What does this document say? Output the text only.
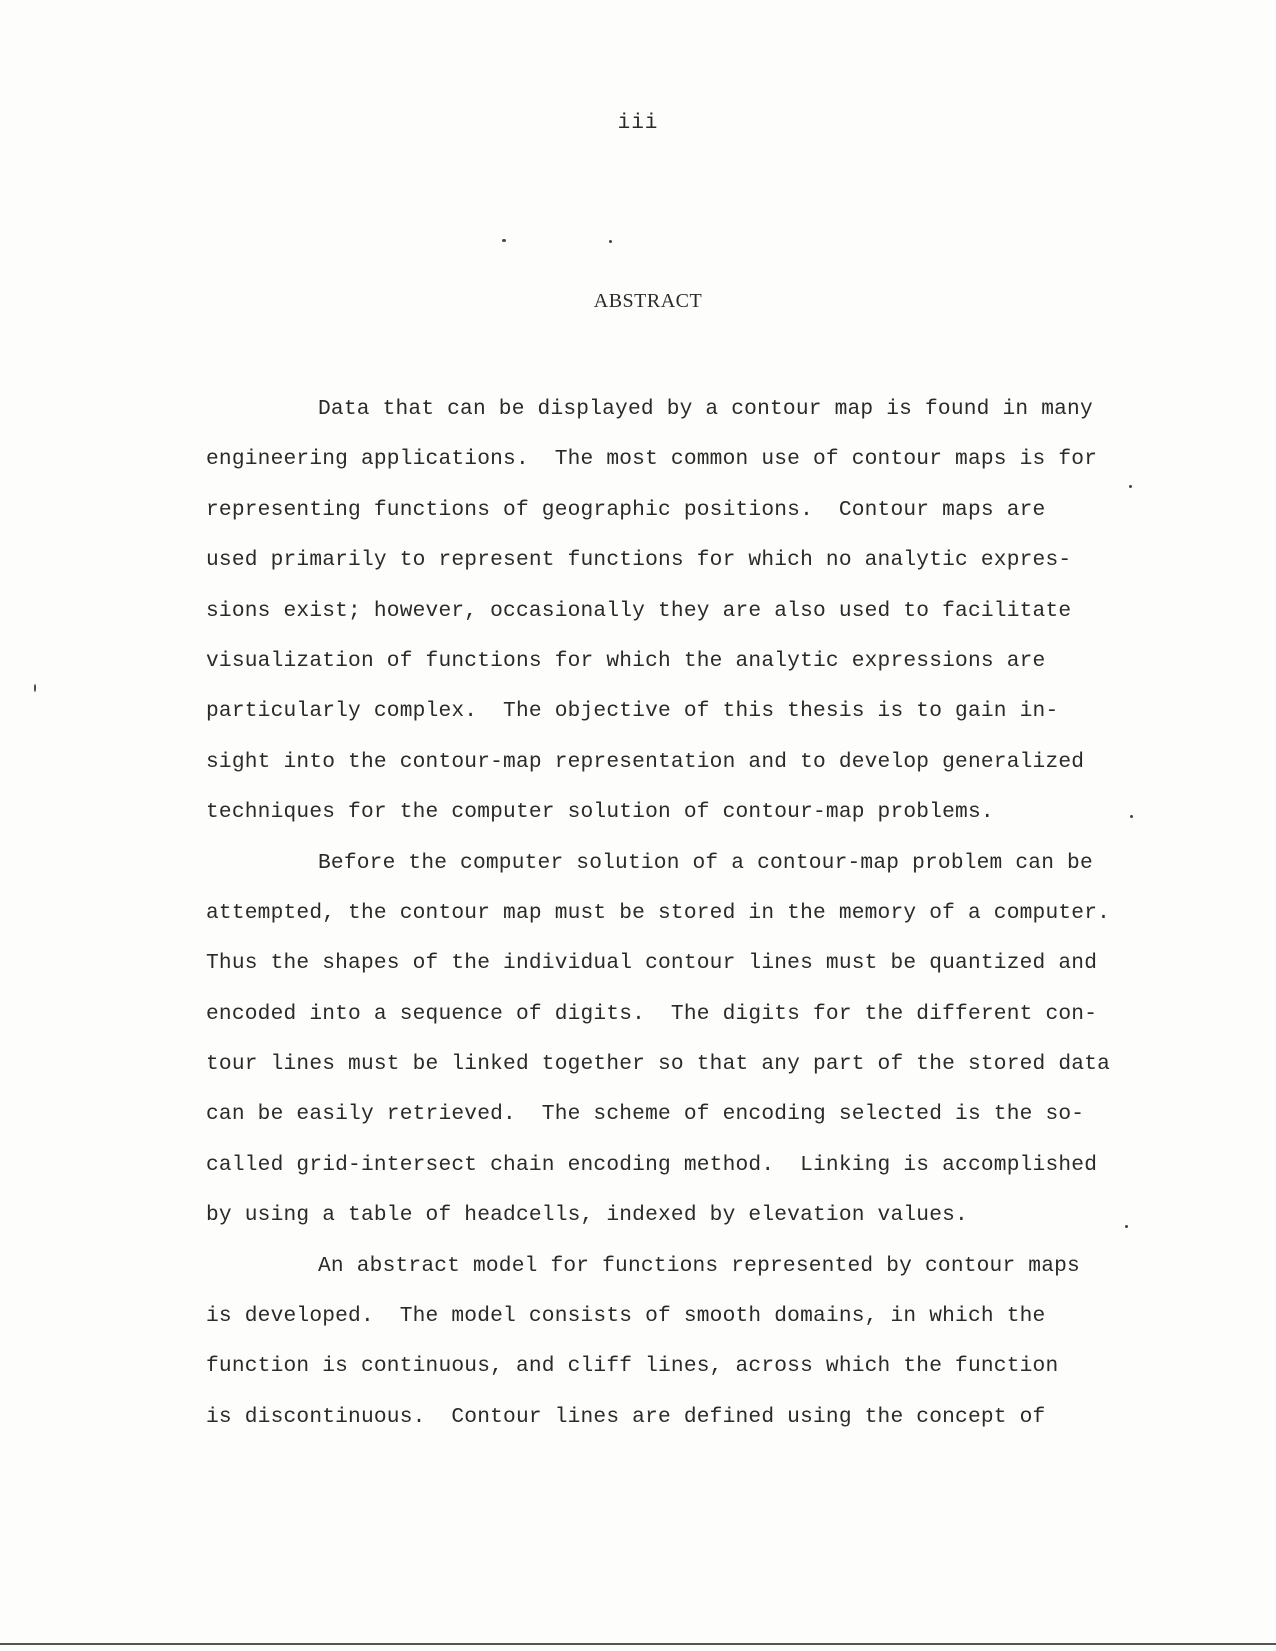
iii
ABSTRACT
Data that can be displayed by a contour map is found in many
engineering applications.  The most common use of contour maps is for
representing functions of geographic positions.  Contour maps are
used primarily to represent functions for which no analytic expres-
sions exist; however, occasionally they are also used to facilitate
visualization of functions for which the analytic expressions are
particularly complex.  The objective of this thesis is to gain in-
sight into the contour-map representation and to develop generalized
techniques for the computer solution of contour-map problems.
Before the computer solution of a contour-map problem can be
attempted, the contour map must be stored in the memory of a computer.
Thus the shapes of the individual contour lines must be quantized and
encoded into a sequence of digits.  The digits for the different con-
tour lines must be linked together so that any part of the stored data
can be easily retrieved.  The scheme of encoding selected is the so-
called grid-intersect chain encoding method.  Linking is accomplished
by using a table of headcells, indexed by elevation values.
An abstract model for functions represented by contour maps
is developed.  The model consists of smooth domains, in which the
function is continuous, and cliff lines, across which the function
is discontinuous.  Contour lines are defined using the concept of
